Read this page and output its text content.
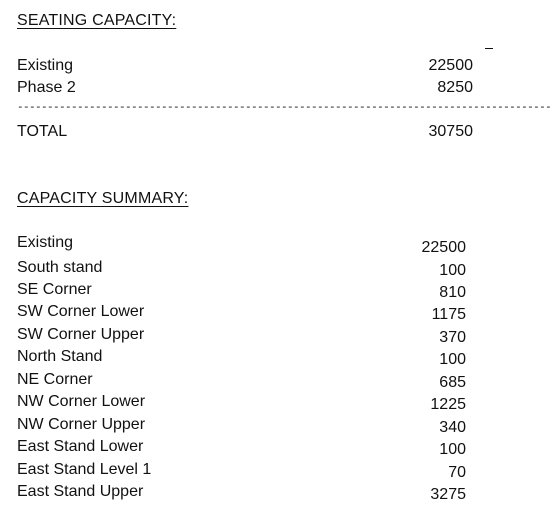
SEATING CAPACITY:
Existing	22500
Phase 2	8250
-----------------------------------------------------------------------------------------
TOTAL	30750
CAPACITY SUMMARY:
Existing	22500
South stand	100
SE Corner	810
SW Corner Lower	1175
SW Corner Upper	370
North Stand	100
NE Corner	685
NW Corner Lower	1225
NW Corner Upper	340
East Stand Lower	100
East Stand Level 1	70
East Stand Upper	3275
